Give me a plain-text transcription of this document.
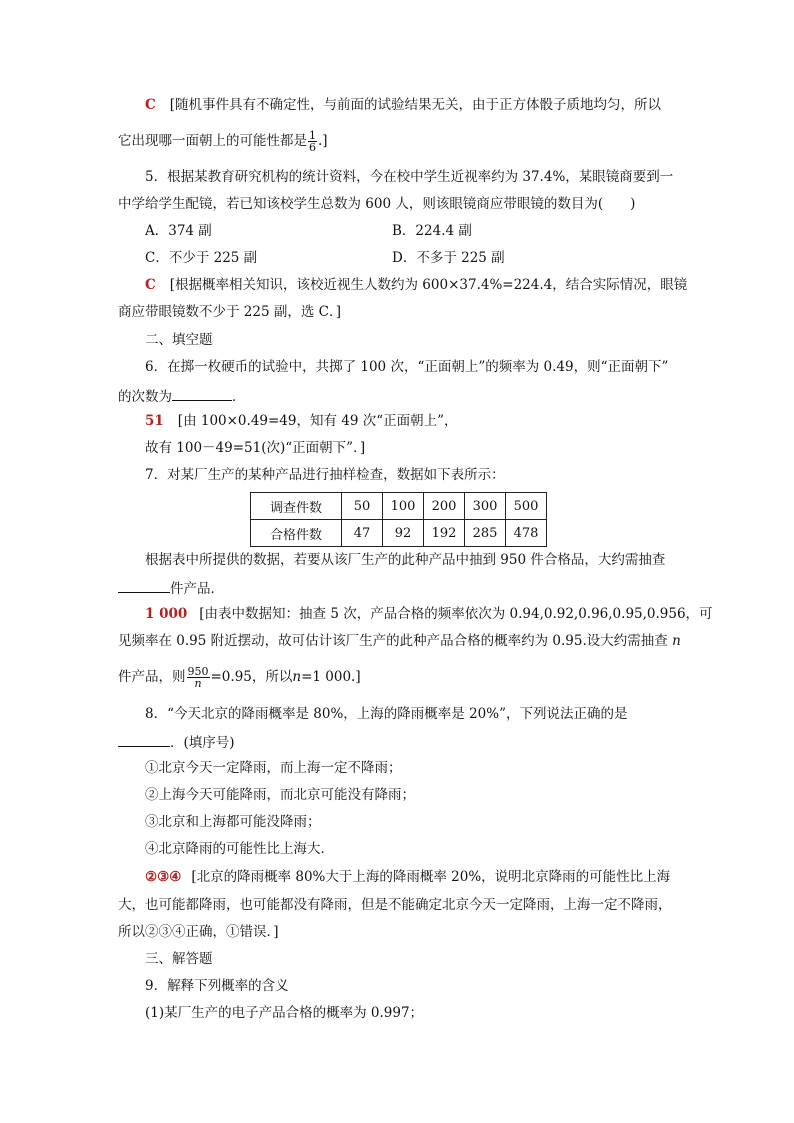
C [随机事件具有不确定性，与前面的试验结果无关，由于正方体骰子质地均匀，所以
它出现哪一面朝上的可能性都是 $\frac{1}{6}$ .]
5．根据某教育研究机构的统计资料，今在校中学生近视率约为 37.4%，某眼镜商要到一
中学给学生配镜，若已知该校学生总数为 600 人，则该眼镜商应带眼镜的数目为(　　)
A．374 副	B．224.4 副
C．不少于 225 副	D．不多于 225 副
C [根据概率相关知识，该校近视生人数约为 600×37.4%=224.4，结合实际情况，眼镜
商应带眼镜数不少于 225 副，选 C．]
二、填空题
6．在掷一枚硬币的试验中，共掷了 100 次，“正面朝上”的频率为 0.49，则“正面朝下”
的次数为	．
51 [由 100×0.49=49，知有 49 次“正面朝上”，
故有 100－49=51(次)“正面朝下”．]
7．对某厂生产的某种产品进行抽样检查，数据如下表所示：
调查件数	50	100	200	300	500
合格件数	47	92	192	285	478
根据表中所提供的数据，若要从该厂生产的此种产品中抽到 950 件合格品，大约需抽查
件产品．
1 000 [由表中数据知：抽查 5 次，产品合格的频率依次为 0.94,0.92,0.96,0.95,0.956，可
见频率在 0.95 附近摆动，故可估计该厂生产的此种产品合格的概率约为 0.95.设大约需抽查 n
件产品，则 $\frac{950}{n} =0.95$，所以n=1 000.]
8．“今天北京的降雨概率是 80%，上海的降雨概率是 20%”，下列说法正确的是
．(填序号)
①北京今天一定降雨，而上海一定不降雨；
②上海今天可能降雨，而北京可能没有降雨；
③北京和上海都可能没降雨；
④北京降雨的可能性比上海大．
②③④ [北京的降雨概率 80%大于上海的降雨概率 20%，说明北京降雨的可能性比上海
大，也可能都降雨，也可能都没有降雨，但是不能确定北京今天一定降雨，上海一定不降雨，
所以②③④正确，①错误．]
三、解答题
9．解释下列概率的含义
(1)某厂生产的电子产品合格的概率为 0.997；
